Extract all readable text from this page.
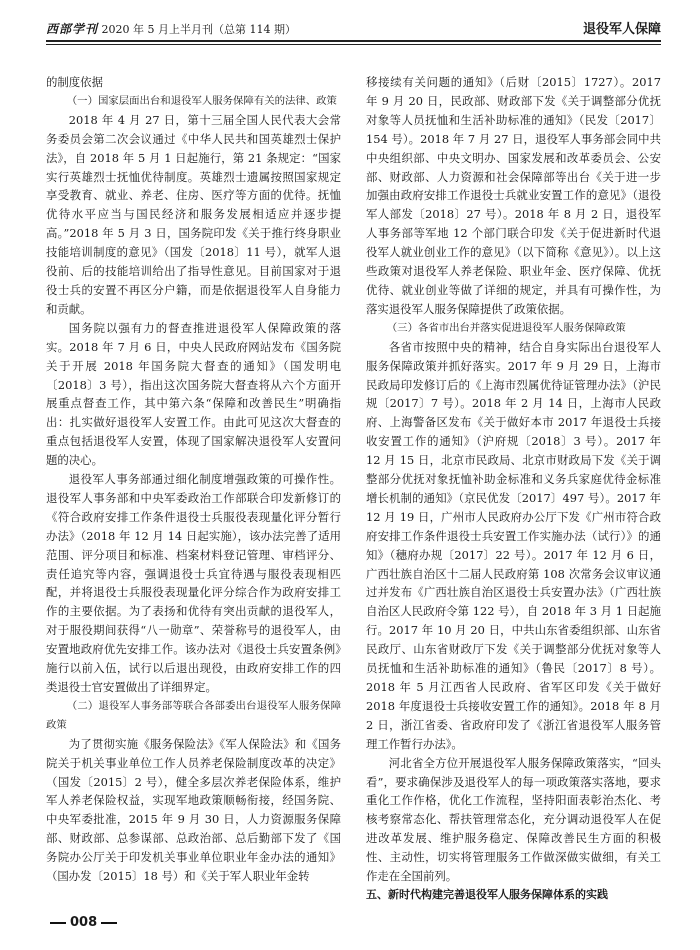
西部学刊 2020 年 5 月上半月刊（总第 114 期）	退役军人保障

的制度依据

（一）国家层面出台和退役军人服务保障有关的法律、政策

2018 年 4 月 27 日，第十三届全国人民代表大会常务委员会第二次会议通过《中华人民共和国英雄烈士保护法》，自 2018 年 5 月 1 日起施行，第 21 条规定：“国家实行英雄烈士抚恤优待制度。英雄烈士遗属按照国家规定享受教育、就业、养老、住房、医疗等方面的优待。抚恤优待水平应当与国民经济和服务发展相适应并逐步提高。”2018 年 5 月 3 日，国务院印发《关于推行终身职业技能培训制度的意见》（国发〔2018〕11 号），就军人退役前、后的技能培训给出了指导性意见。目前国家对于退役士兵的安置不再区分户籍，而是依据退役军人自身能力和贡献。

国务院以强有力的督查推进退役军人保障政策的落实。2018 年 7 月 6 日，中央人民政府网站发布《国务院关于开展 2018 年国务院大督查的通知》（国发明电〔2018〕3 号），指出这次国务院大督查将从六个方面开展重点督查工作，其中第六条“保障和改善民生”明确指出：扎实做好退役军人安置工作。由此可见这次大督查的重点包括退役军人安置，体现了国家解决退役军人安置问题的决心。

退役军人事务部通过细化制度增强政策的可操作性。退役军人事务部和中央军委政治工作部联合印发新修订的《符合政府安排工作条件退役士兵服役表现量化评分暂行办法》（2018 年 12 月 14 日起实施），该办法完善了适用范围、评分项目和标准、档案材料登记管理、审档评分、责任追究等内容，强调退役士兵宜待遇与服役表现相匹配，并将退役士兵服役表现量化评分综合作为政府安排工作的主要依据。为了表扬和优待有突出贡献的退役军人，对于服役期间获得“八一勋章”、荣誉称号的退役军人，由安置地政府优先安排工作。该办法对《退役士兵安置条例》施行以前入伍，试行以后退出现役，由政府安排工作的四类退役士官安置做出了详细界定。

（二）退役军人事务部等联合各部委出台退役军人服务保障政策

为了贯彻实施《服务保险法》《军人保险法》和《国务院关于机关事业单位工作人员养老保险制度改革的决定》（国发〔2015〕2 号），健全多层次养老保险体系，维护军人养老保险权益，实现军地政策顺畅衔接，经国务院、中央军委批准，2015 年 9 月 30 日，人力资源服务保障部、财政部、总参谋部、总政治部、总后勤部下发了《国务院办公厅关于印发机关事业单位职业年金办法的通知》（国办发〔2015〕18 号）和《关于军人职业年金转

移接续有关问题的通知》（后财〔2015〕1727）。2017 年 9 月 20 日，民政部、财政部下发《关于调整部分优抚对象等人员抚恤和生活补助标准的通知》（民发〔2017〕154 号）。2018 年 7 月 27 日，退役军人事务部会同中共中央组织部、中央文明办、国家发展和改革委员会、公安部、财政部、人力资源和社会保障部等出台《关于进一步加强由政府安排工作退役士兵就业安置工作的意见》（退役军人部发〔2018〕27 号）。2018 年 8 月 2 日，退役军人事务部等军地 12 个部门联合印发《关于促进新时代退役军人就业创业工作的意见》（以下简称《意见》）。以上这些政策对退役军人养老保险、职业年金、医疗保障、优抚优待、就业创业等做了详细的规定，并具有可操作性，为落实退役军人服务保障提供了政策依据。

（三）各省市出台并落实促进退役军人服务保障政策

各省市按照中央的精神，结合自身实际出台退役军人服务保障政策并抓好落实。2017 年 9 月 29 日，上海市民政局印发修订后的《上海市烈属优待证管理办法》（沪民规〔2017〕7 号）。2018 年 2 月 14 日，上海市人民政府、上海警备区发布《关于做好本市 2017 年退役士兵接收安置工作的通知》（沪府规〔2018〕3 号）。2017 年 12 月 15 日，北京市民政局、北京市财政局下发《关于调整部分优抚对象抚恤补助金标准和义务兵家庭优待金标准增长机制的通知》（京民优发〔2017〕497 号）。2017 年 12 月 19 日，广州市人民政府办公厅下发《广州市符合政府安排工作条件退役士兵安置工作实施办法（试行）》的通知》（穗府办规〔2017〕22 号）。2017 年 12 月 6 日，广西壮族自治区十二届人民政府第 108 次常务会议审议通过并发布《广西壮族自治区退役士兵安置办法》（广西壮族自治区人民政府令第 122 号），自 2018 年 3 月 1 日起施行。2017 年 10 月 20 日，中共山东省委组织部、山东省民政厅、山东省财政厅下发《关于调整部分优抚对象等人员抚恤和生活补助标准的通知》（鲁民〔2017〕8 号）。2018 年 5 月江西省人民政府、省军区印发《关于做好 2018 年度退役士兵接收安置工作的通知》。2018 年 8 月 2 日，浙江省委、省政府印发了《浙江省退役军人服务管理工作暂行办法》。

河北省全方位开展退役军人服务保障政策落实，“回头看”，要求确保涉及退役军人的每一项政策落实落地，要求重化工作作格，优化工作流程，坚持阳面表彰治杰化、考核考察常态化、帮扶管理常态化，充分调动退役军人在促进改革发展、维护服务稳定、保障改善民生方面的积极性、主动性，切实将管理服务工作做深做实做细，有关工作走在全国前列。

五、新时代构建完善退役军人服务保障体系的实践

008
